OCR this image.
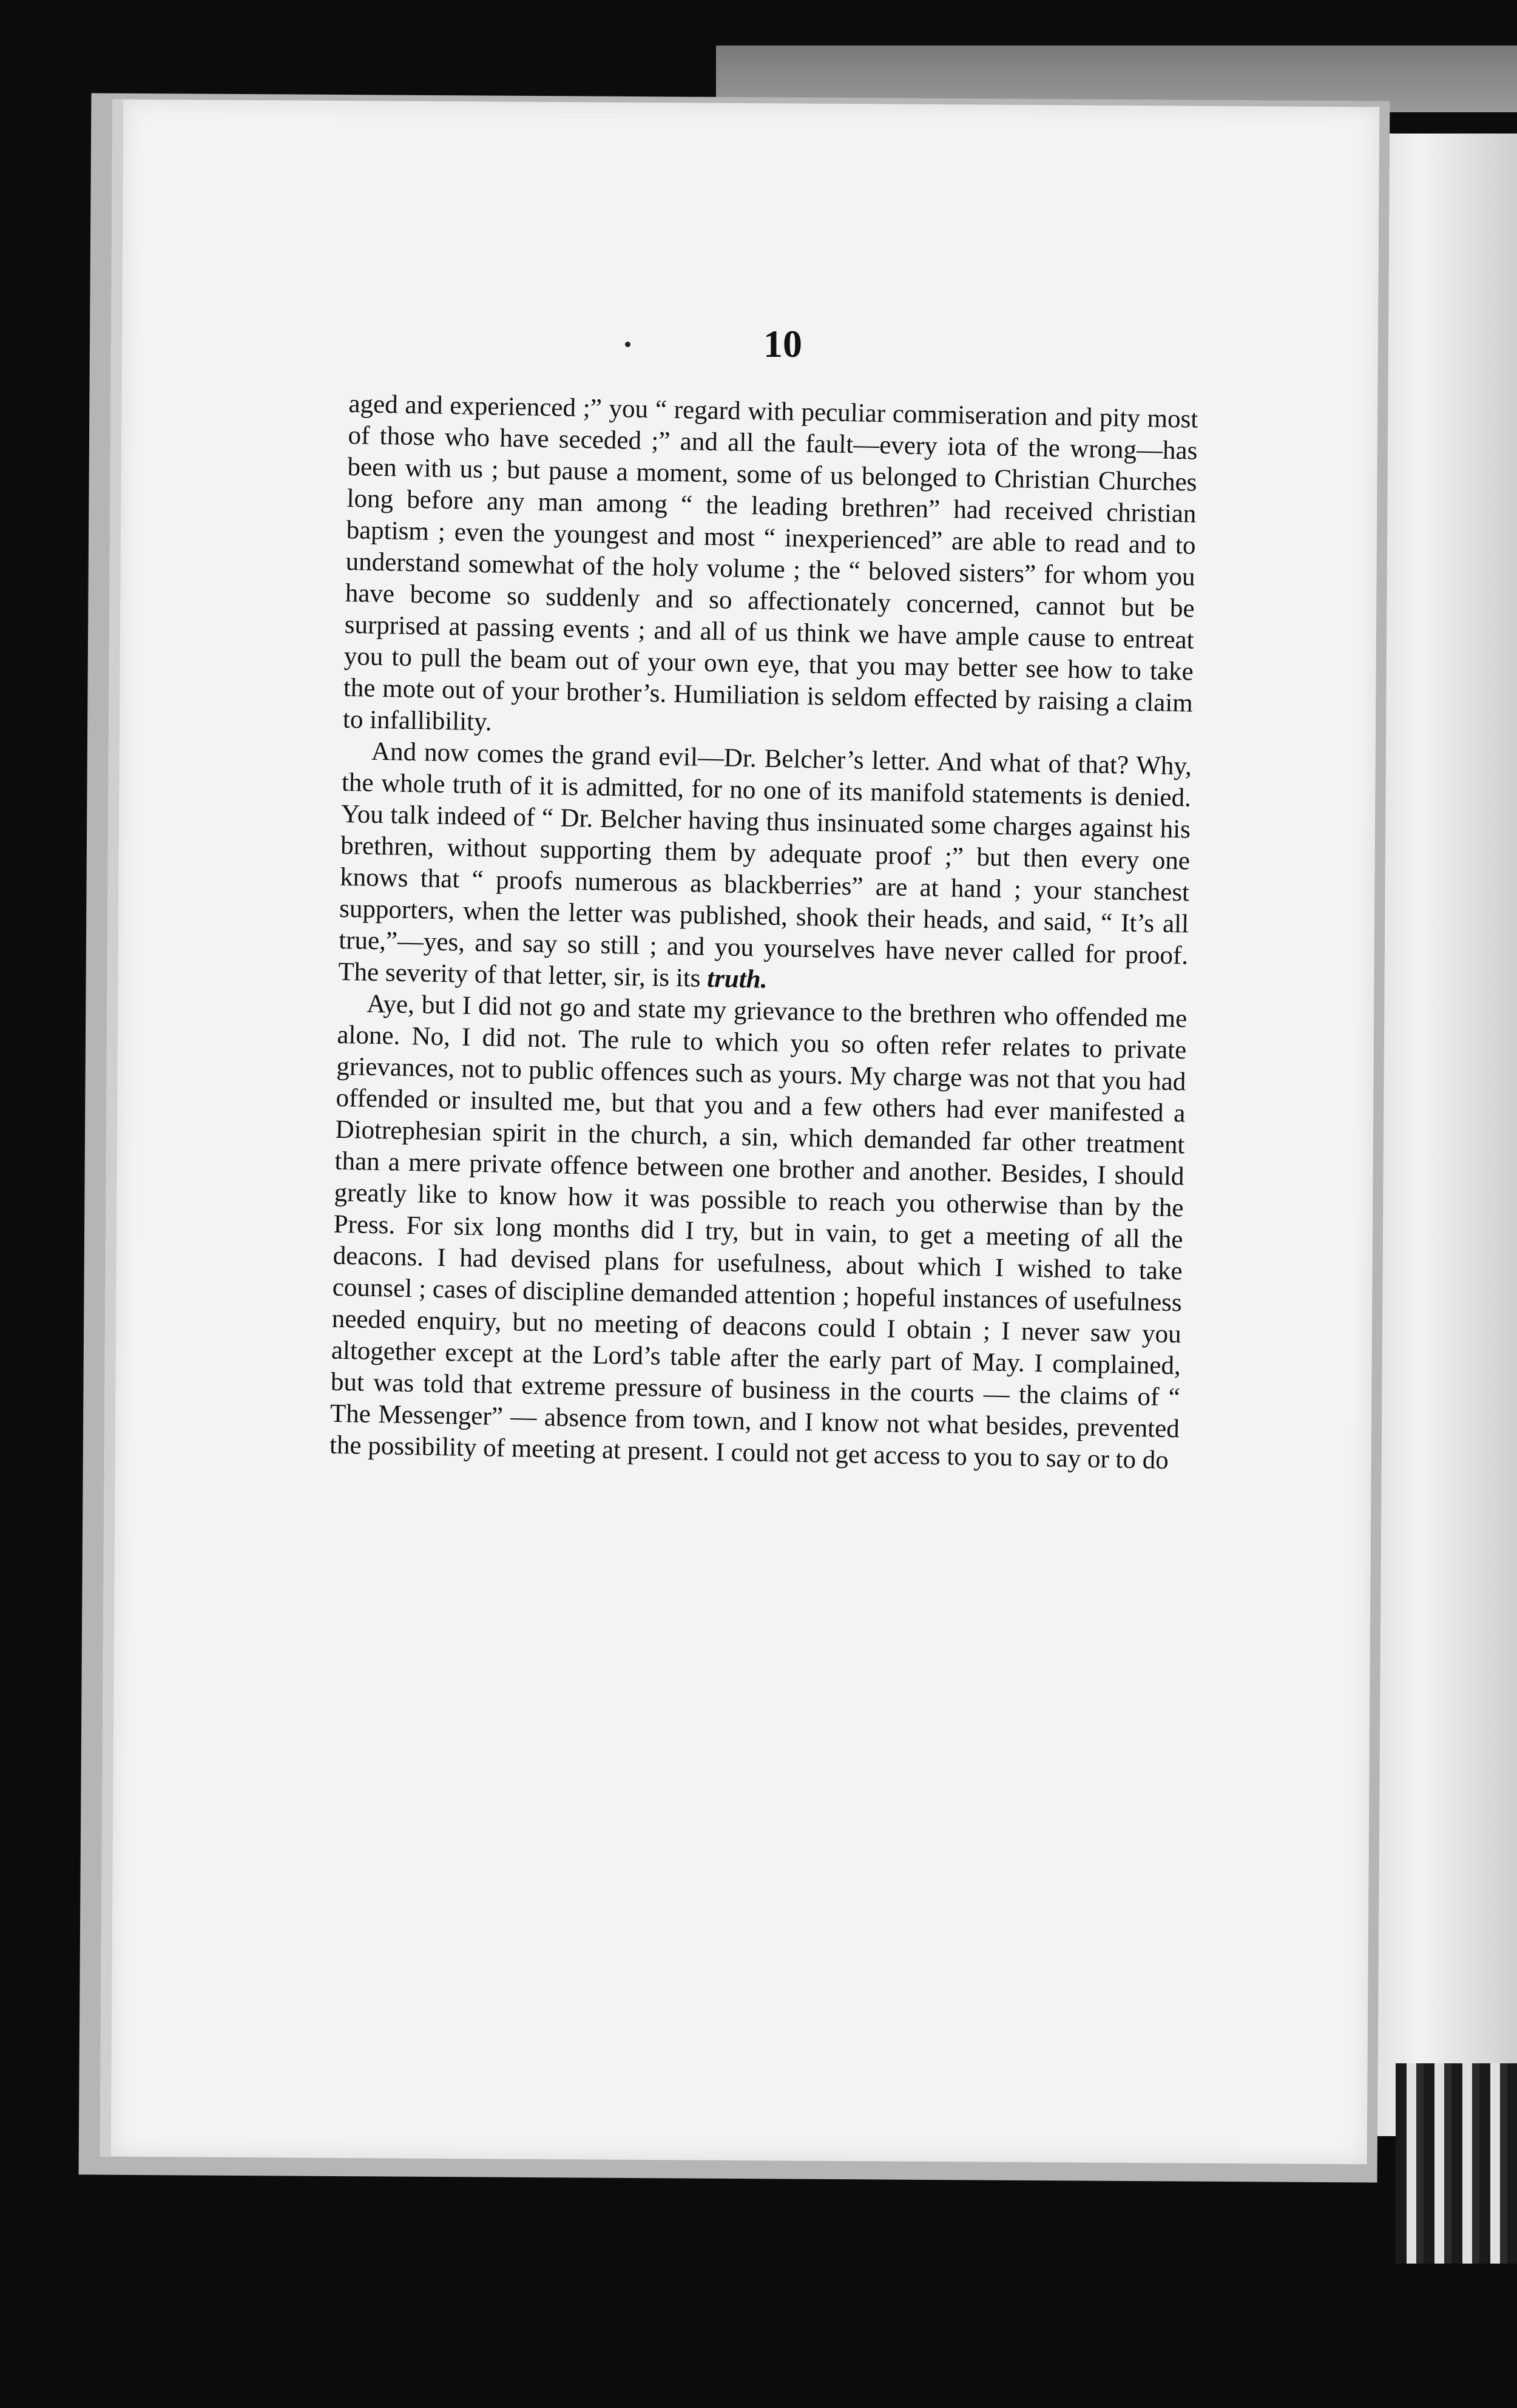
10

aged and experienced ;” you “ regard with peculiar commiseration and pity most of those who have seceded ;” and all the fault—every iota of the wrong—has been with us ; but pause a moment, some of us belonged to Christian Churches long before any man among “ the leading brethren” had received christian baptism ; even the youngest and most “ inexperienced” are able to read and to understand somewhat of the holy volume ; the “ beloved sisters” for whom you have become so suddenly and so affectionately concerned, cannot but be surprised at passing events ; and all of us think we have ample cause to entreat you to pull the beam out of your own eye, that you may better see how to take the mote out of your brother’s. Humiliation is seldom effected by raising a claim to infallibility.

And now comes the grand evil—Dr. Belcher’s letter. And what of that? Why, the whole truth of it is admitted, for no one of its manifold statements is denied. You talk indeed of “ Dr. Belcher having thus insinuated some charges against his brethren, without supporting them by adequate proof ;” but then every one knows that “ proofs numerous as blackberries” are at hand ; your stanchest supporters, when the letter was published, shook their heads, and said, “ It’s all true,”—yes, and say so still ; and you yourselves have never called for proof. The severity of that letter, sir, is its truth.

Aye, but I did not go and state my grievance to the brethren who offended me alone. No, I did not. The rule to which you so often refer relates to private grievances, not to public offences such as yours. My charge was not that you had offended or insulted me, but that you and a few others had ever manifested a Diotrephesian spirit in the church, a sin, which demanded far other treatment than a mere private offence between one brother and another. Besides, I should greatly like to know how it was possible to reach you otherwise than by the Press. For six long months did I try, but in vain, to get a meeting of all the deacons. I had devised plans for usefulness, about which I wished to take counsel ; cases of discipline demanded attention ; hopeful instances of usefulness needed enquiry, but no meeting of deacons could I obtain ; I never saw you altogether except at the Lord’s table after the early part of May. I complained, but was told that extreme pressure of business in the courts — the claims of “ The Messenger” — absence from town, and I know not what besides, prevented the possibility of meeting at present. I could not get access to you to say or to do
